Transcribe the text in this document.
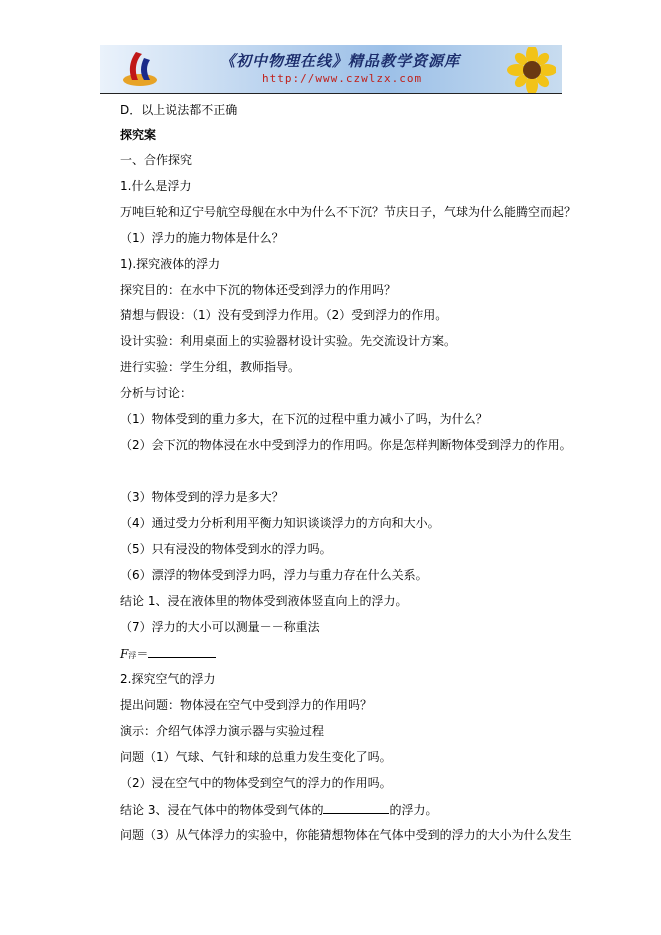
《初中物理在线》精品教学资源库
http://www.czwlzx.com
D．以上说法都不正确
探究案
一、合作探究
1.什么是浮力
万吨巨轮和辽宁号航空母舰在水中为什么不下沉？节庆日子，气球为什么能腾空而起？
（1）浮力的施力物体是什么？
1).探究液体的浮力
探究目的：在水中下沉的物体还受到浮力的作用吗？
猜想与假设：（1）没有受到浮力作用。（2）受到浮力的作用。
设计实验：利用桌面上的实验器材设计实验。先交流设计方案。
进行实验：学生分组，教师指导。
分析与讨论：
（1）物体受到的重力多大，在下沉的过程中重力减小了吗，为什么？
（2）会下沉的物体浸在水中受到浮力的作用吗。你是怎样判断物体受到浮力的作用。
（3）物体受到的浮力是多大？
（4）通过受力分析利用平衡力知识谈谈浮力的方向和大小。
（5）只有浸没的物体受到水的浮力吗。
（6）漂浮的物体受到浮力吗，浮力与重力存在什么关系。
结论 1、浸在液体里的物体受到液体竖直向上的浮力。
（7）浮力的大小可以测量－－称重法
F浮＝
2.探究空气的浮力
提出问题：物体浸在空气中受到浮力的作用吗？
演示：介绍气体浮力演示器与实验过程
问题（1）气球、气针和球的总重力发生变化了吗。
（2）浸在空气中的物体受到空气的浮力的作用吗。
结论 3、浸在气体中的物体受到气体的	的浮力。
问题（3）从气体浮力的实验中，你能猜想物体在气体中受到的浮力的大小为什么发生
